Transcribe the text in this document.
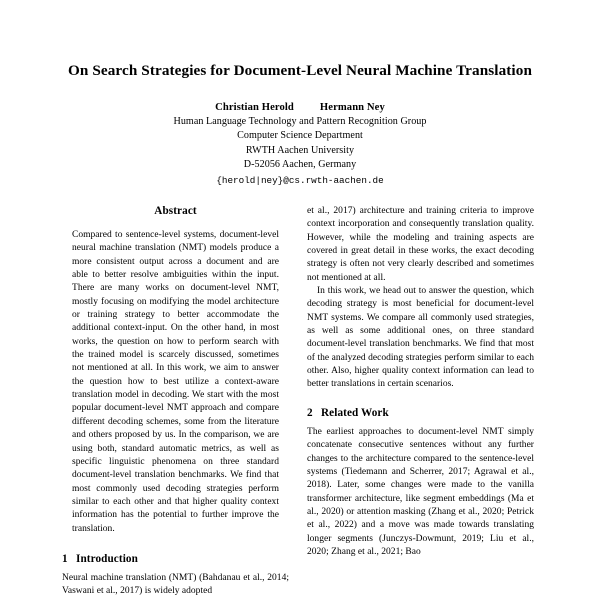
On Search Strategies for Document-Level Neural Machine Translation
Christian Herold Hermann Ney
Human Language Technology and Pattern Recognition Group
Computer Science Department
RWTH Aachen University
D-52056 Aachen, Germany
{herold|ney}@cs.rwth-aachen.de
Abstract

Compared to sentence-level systems, document-level neural machine translation (NMT) models produce a more consistent output across a document and are able to better resolve ambiguities within the input. There are many works on document-level NMT, mostly focusing on modifying the model architecture or training strategy to better accommodate the additional context-input. On the other hand, in most works, the question on how to perform search with the trained model is scarcely discussed, sometimes not mentioned at all. In this work, we aim to answer the question how to best utilize a context-aware translation model in decoding. We start with the most popular document-level NMT approach and compare different decoding schemes, some from the literature and others proposed by us. In the comparison, we are using both, standard automatic metrics, as well as specific linguistic phenomena on three standard document-level translation benchmarks. We find that most commonly used decoding strategies perform similar to each other and that higher quality context information has the potential to further improve the translation.

1 Introduction

Neural machine translation (NMT) (Bahdanau et al., 2014; Vaswani et al., 2017) is widely adopted

et al., 2017) architecture and training criteria to improve context incorporation and consequently translation quality. However, while the modeling and training aspects are covered in great detail in these works, the exact decoding strategy is often not very clearly described and sometimes not mentioned at all.

In this work, we head out to answer the question, which decoding strategy is most beneficial for document-level NMT systems. We compare all commonly used strategies, as well as some additional ones, on three standard document-level translation benchmarks. We find that most of the analyzed decoding strategies perform similar to each other. Also, higher quality context information can lead to better translations in certain scenarios.

2 Related Work

The earliest approaches to document-level NMT simply concatenate consecutive sentences without any further changes to the architecture compared to the sentence-level systems (Tiedemann and Scherrer, 2017; Agrawal et al., 2018). Later, some changes were made to the vanilla transformer architecture, like segment embeddings (Ma et al., 2020) or attention masking (Zhang et al., 2020; Petrick et al., 2022) and a move was made towards translating longer segments (Junczys-Dowmunt, 2019; Liu et al., 2020; Zhang et al., 2021; Bao
